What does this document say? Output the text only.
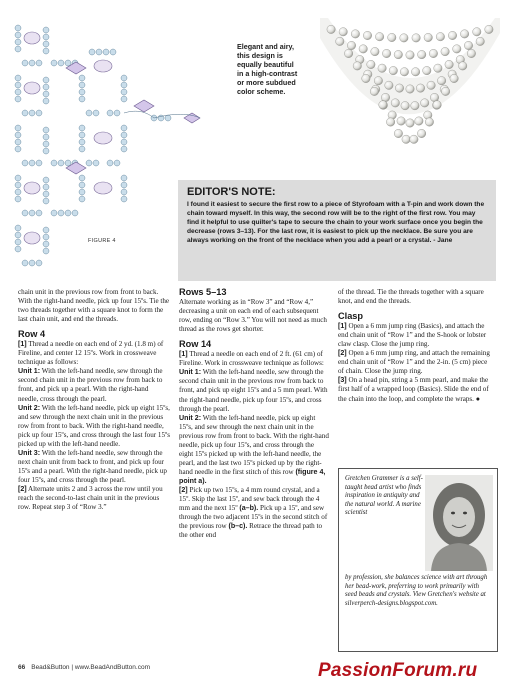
Elegant and airy,
this design is
equally beautiful
in a high-contrast
or more subdued
color scheme.
FIGURE 4
EDITOR'S NOTE:

I found it easiest to secure the first row to a piece of Styrofoam with a T-pin and work down the chain toward myself. In this way, the second row will be to the right of the first row. You may find it helpful to use quilter's tape to secure the chain to your work surface once you begin the decrease (rows 3–13). For the last row, it is easiest to pick up the necklace. Be sure you are always working on the front of the necklace when you add a pearl or a crystal. - Jane

chain unit in the previous row from front to back. With the right-hand needle, pick up four 15ºs. Tie the two threads together with a square knot to form the last chain unit, and end the threads.

Row 4

[1] Thread a needle on each end of 2 yd. (1.8 m) of Fireline, and center 12 15ºs. Work in crossweave technique as follows:

Unit 1: With the left-hand needle, sew through the second chain unit in the previous row from back to front, and pick up a pearl. With the right-hand needle, cross through the pearl.

Unit 2: With the left-hand needle, pick up eight 15ºs, and sew through the next chain unit in the previous row from front to back. With the right-hand needle, pick up four 15ºs, and cross through the last four 15ºs picked up with the left-hand needle.

Unit 3: With the left-hand needle, sew through the next chain unit from back to front, and pick up four 15ºs and a pearl. With the right-hand needle, pick up four 15ºs, and cross through the pearl.

[2] Alternate units 2 and 3 across the row until you reach the second-to-last chain unit in the previous row. Repeat step 3 of “Row 3.”

Rows 5–13

Alternate working as in “Row 3” and “Row 4,” decreasing a unit on each end of each subsequent row, ending on “Row 3.” You will not need as much thread as the rows get shorter.

Row 14

[1] Thread a needle on each end of 2 ft. (61 cm) of Fireline. Work in crossweave technique as follows:

Unit 1: With the left-hand needle, sew through the second chain unit in the previous row from back to front, and pick up eight 15ºs and a 5 mm pearl. With the right-hand needle, pick up four 15ºs, and cross through the pearl.

Unit 2: With the left-hand needle, pick up eight 15ºs, and sew through the next chain unit in the previous row from front to back. With the right-hand needle, pick up four 15ºs, and cross through the eight 15ºs picked up with the left-hand needle, the pearl, and the last two 15ºs picked up by the right-hand needle in the first stitch of this row (figure 4, point a).

[2] Pick up two 15ºs, a 4 mm round crystal, and a 15º. Skip the last 15º, and sew back through the 4 mm and the next 15º (a–b). Pick up a 15º, and sew through the two adjacent 15ºs in the second stitch of the previous row (b–c). Retrace the thread path to the other end

of the thread. Tie the threads together with a square knot, and end the threads.

Clasp

[1] Open a 6 mm jump ring (Basics), and attach the end chain unit of “Row 1” and the S-hook or lobster claw clasp. Close the jump ring.

[2] Open a 6 mm jump ring, and attach the remaining end chain unit of “Row 1” and the 2-in. (5 cm) piece of chain. Close the jump ring.

[3] On a head pin, string a 5 mm pearl, and make the first half of a wrapped loop (Basics). Slide the end of the chain into the loop, and complete the wraps. ●

Gretchen Grammer is a self-taught bead artist who finds inspiration in antiquity and the natural world. A marine scientist
by profession, she balances science with art through her bead-work, preferring to work primarily with seed beads and crystals. View Gretchen's website at silverperch-designs.blogspot.com.
66 Bead&Button | www.BeadAndButton.com	PassionForum.ru
